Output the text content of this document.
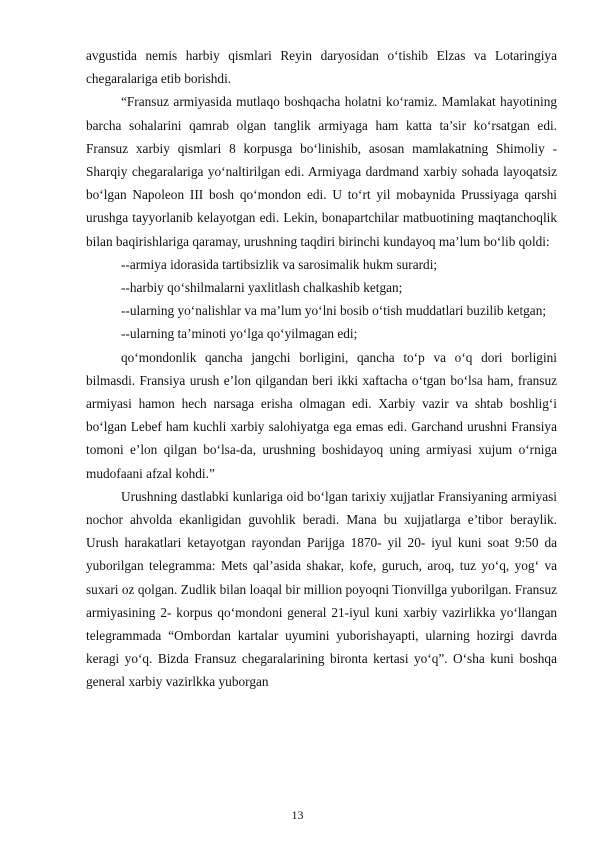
avgustida nemis harbiy qismlari Reyin daryosidan o‘tishib Elzas va Lotaringiya chegaralariga etib borishdi.

“Fransuz armiyasida mutlaqo boshqacha holatni ko‘ramiz. Mamlakat hayotining barcha sohalarini qamrab olgan tanglik armiyaga ham katta ta’sir ko‘rsatgan edi. Fransuz xarbiy qismlari 8 korpusga bo‘linishib, asosan mamlakatning Shimoliy - Sharqiy chegaralariga yo‘naltirilgan edi. Armiyaga dardmand xarbiy sohada layoqatsiz bo‘lgan Napoleon III bosh qo‘mondon edi. U to‘rt yil mobaynida Prussiyaga qarshi urushga tayyorlanib kelayotgan edi. Lekin, bonapartchilar matbuotining maqtanchoqlik bilan baqirishlariga qaramay, urushning taqdiri birinchi kundayoq ma’lum bo‘lib qoldi:

--armiya idorasida tartibsizlik va sarosimalik hukm surardi;

--harbiy qo‘shilmalarni yaxlitlash chalkashib ketgan;

--ularning yo‘nalishlar va ma’lum yo‘lni bosib o‘tish muddatlari buzilib ketgan;

--ularning ta’minoti yo‘lga qo‘yilmagan edi;

qo‘mondonlik qancha jangchi borligini, qancha to‘p va o‘q dori borligini bilmasdi. Fransiya urush e’lon qilgandan beri ikki xaftacha o‘tgan bo‘lsa ham, fransuz armiyasi hamon hech narsaga erisha olmagan edi. Xarbiy vazir va shtab boshlig‘i bo‘lgan Lebef ham kuchli xarbiy salohiyatga ega emas edi. Garchand urushni Fransiya tomoni e’lon qilgan bo‘lsa-da, urushning boshidayoq uning armiyasi xujum o‘rniga mudofaani afzal kohdi.”

Urushning dastlabki kunlariga oid bo‘lgan tarixiy xujjatlar Fransiyaning armiyasi nochor ahvolda ekanligidan guvohlik beradi. Mana bu xujjatlarga e’tibor beraylik. Urush harakatlari ketayotgan rayondan Parijga 1870- yil 20- iyul kuni soat 9:50 da yuborilgan telegramma: Mets qal’asida shakar, kofe, guruch, aroq, tuz yo‘q, yog‘ va suxari oz qolgan. Zudlik bilan loaqal bir million poyoqni Tionvillga yuborilgan. Fransuz armiyasining 2- korpus qo‘mondoni general 21-iyul kuni xarbiy vazirlikka yo‘llangan telegrammada “Ombordan kartalar uyumini yuborishayapti, ularning hozirgi davrda keragi yo‘q. Bizda Fransuz chegaralarining bironta kertasi yo‘q”. O‘sha kuni boshqa general xarbiy vazirlkka yuborgan

13
